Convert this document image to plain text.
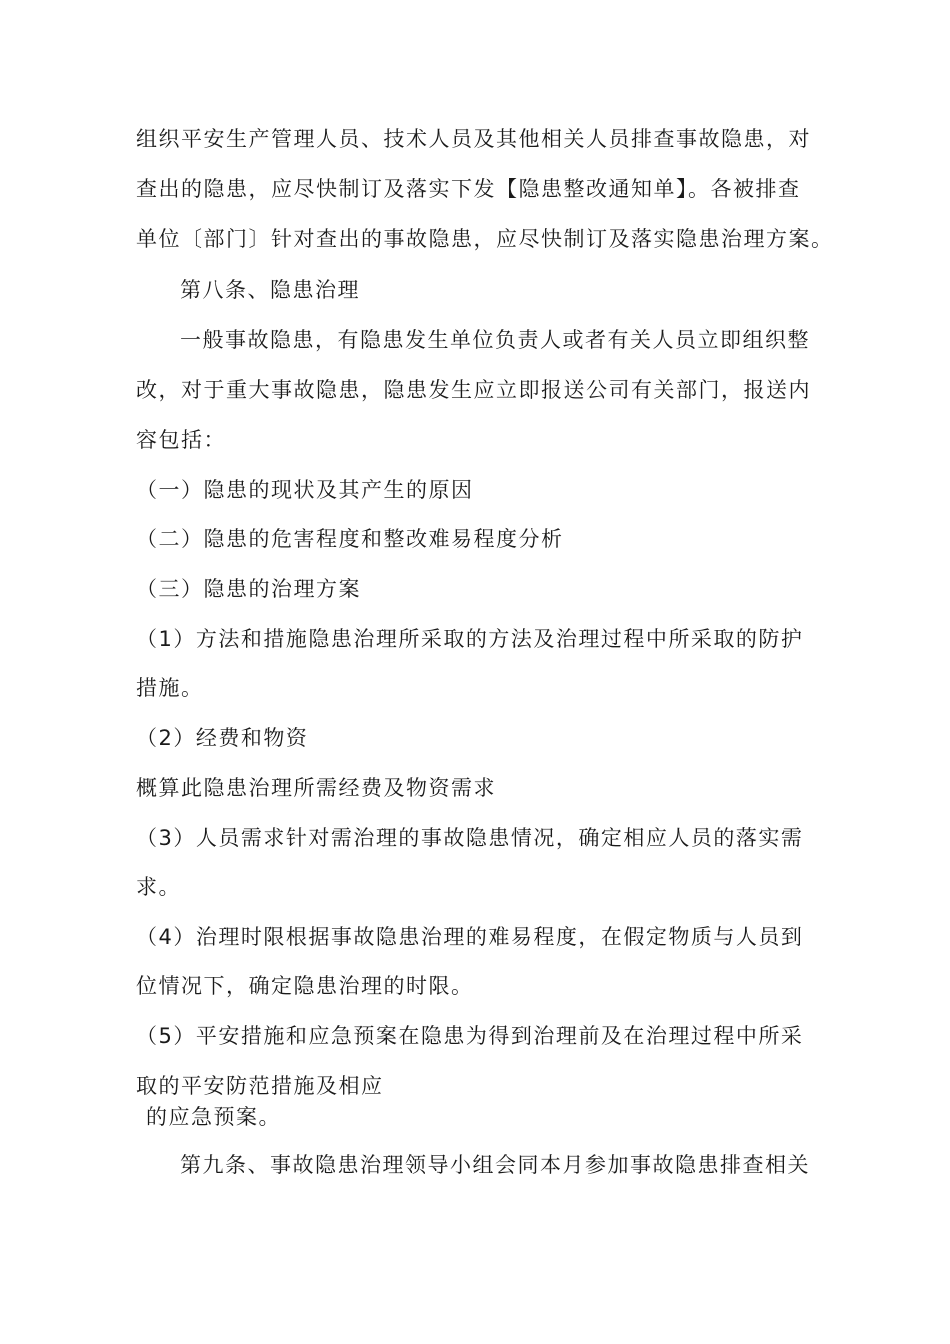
组织平安生产管理人员、技术人员及其他相关人员排查事故隐患，对
查出的隐患，应尽快制订及落实下发【隐患整改通知单】。各被排查
单位〔部门〕针对查出的事故隐患，应尽快制订及落实隐患治理方案。
第八条、隐患治理
一般事故隐患，有隐患发生单位负责人或者有关人员立即组织整
改，对于重大事故隐患，隐患发生应立即报送公司有关部门，报送内
容包括：
（一）隐患的现状及其产生的原因
（二）隐患的危害程度和整改难易程度分析
（三）隐患的治理方案
（1）方法和措施隐患治理所采取的方法及治理过程中所采取的防护
措施。
（2）经费和物资
概算此隐患治理所需经费及物资需求
（3）人员需求针对需治理的事故隐患情况，确定相应人员的落实需
求。
（4）治理时限根据事故隐患治理的难易程度，在假定物质与人员到
位情况下，确定隐患治理的时限。
（5）平安措施和应急预案在隐患为得到治理前及在治理过程中所采
取的平安防范措施及相应
的应急预案。
第九条、事故隐患治理领导小组会同本月参加事故隐患排查相关
